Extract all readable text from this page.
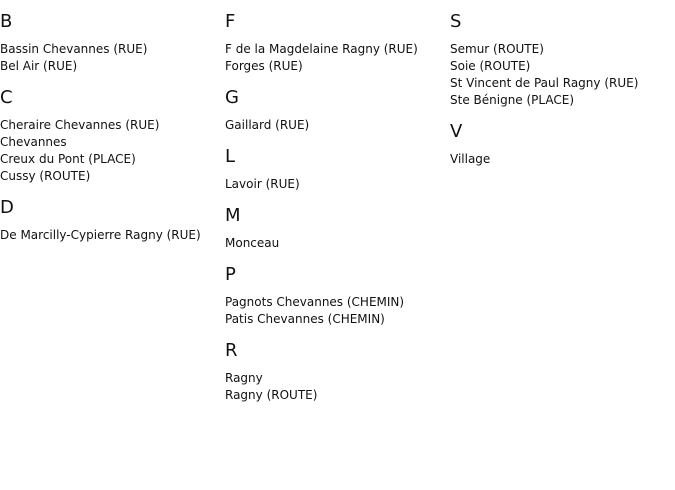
B
Bassin Chevannes (RUE)
Bel Air (RUE)
C
Cheraire Chevannes (RUE)
Chevannes
Creux du Pont (PLACE)
Cussy (ROUTE)
D
De Marcilly-Cypierre Ragny (RUE)
F
F de la Magdelaine Ragny (RUE)
Forges (RUE)
G
Gaillard (RUE)
L
Lavoir (RUE)
M
Monceau
P
Pagnots Chevannes (CHEMIN)
Patis Chevannes (CHEMIN)
R
Ragny
Ragny (ROUTE)
S
Semur (ROUTE)
Soie (ROUTE)
St Vincent de Paul Ragny (RUE)
Ste Bénigne (PLACE)
V
Village
